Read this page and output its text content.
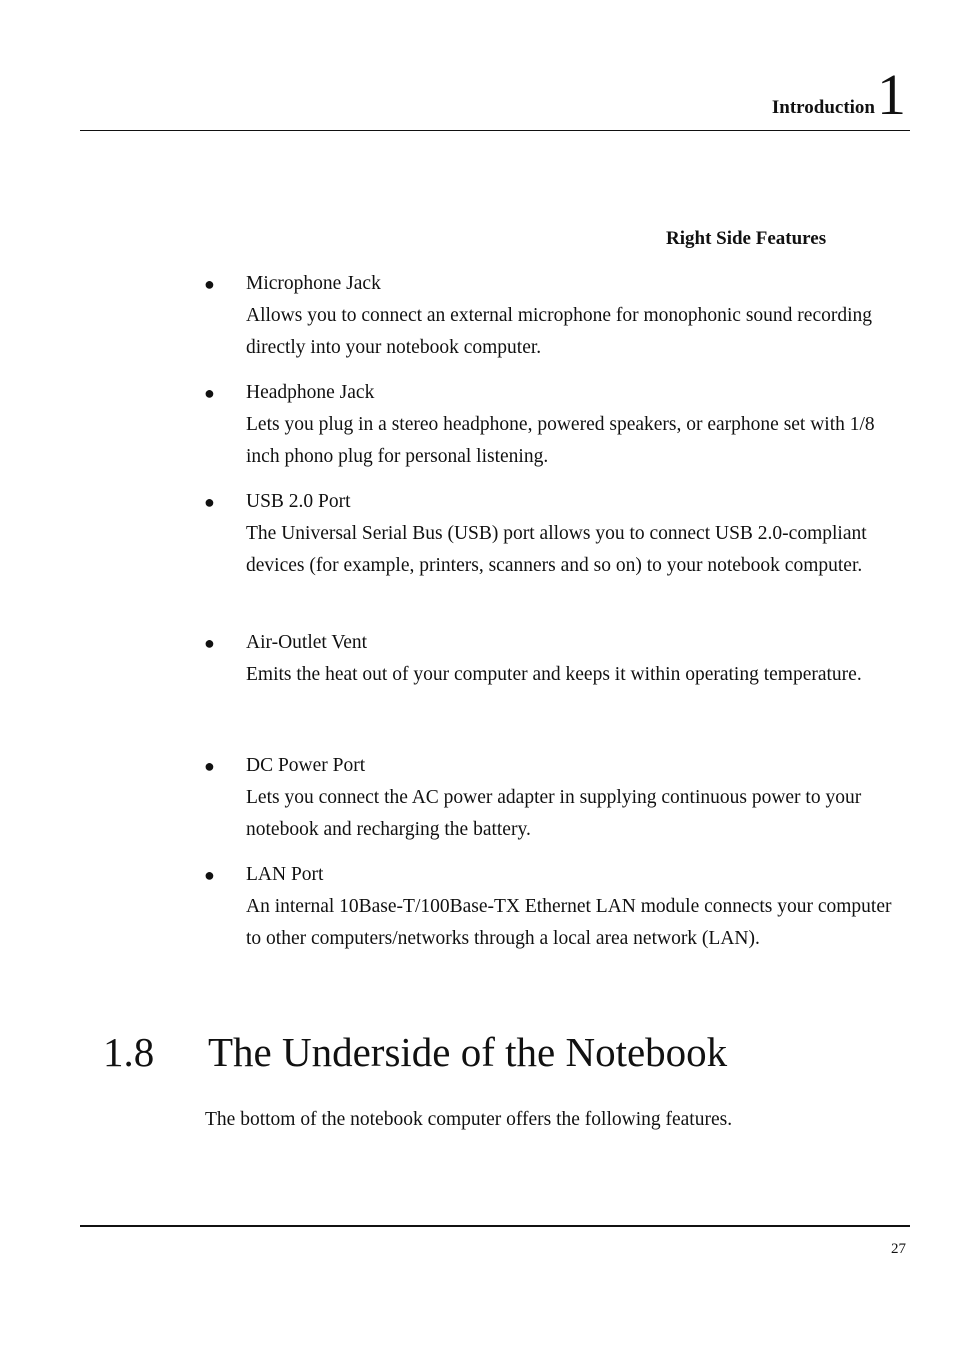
Introduction 1
Right Side Features
● Microphone Jack
Allows you to connect an external microphone for monophonic sound recording directly into your notebook computer.
● Headphone Jack
Lets you plug in a stereo headphone, powered speakers, or earphone set with 1/8 inch phono plug for personal listening.
● USB 2.0 Port
The Universal Serial Bus (USB) port allows you to connect USB 2.0-compliant devices (for example, printers, scanners and so on) to your notebook computer.
● Air-Outlet Vent
Emits the heat out of your computer and keeps it within operating temperature.
● DC Power Port
Lets you connect the AC power adapter in supplying continuous power to your notebook and recharging the battery.
● LAN Port
An internal 10Base-T/100Base-TX Ethernet LAN module connects your computer to other computers/networks through a local area network (LAN).
1.8 The Underside of the Notebook
The bottom of the notebook computer offers the following features.
27
